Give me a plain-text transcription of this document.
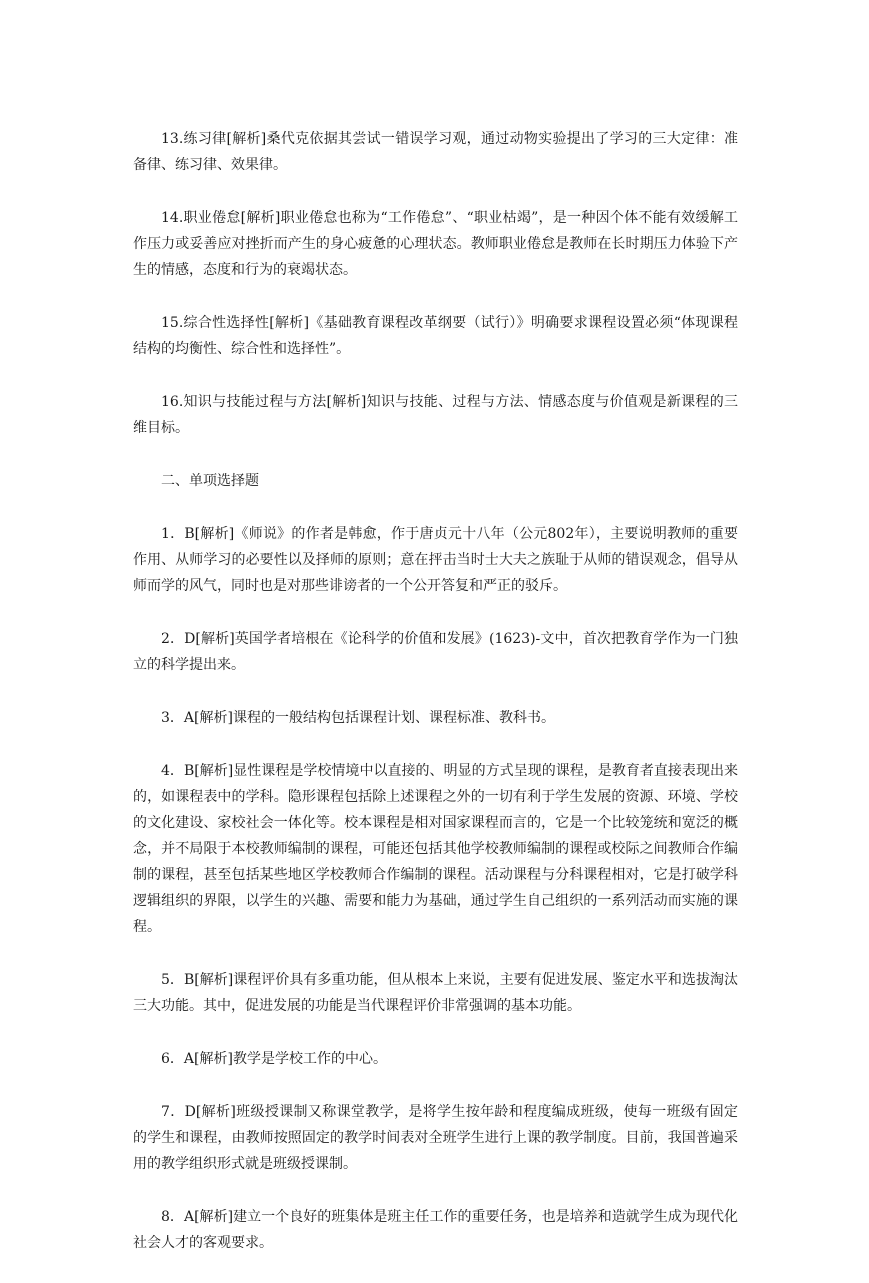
13.练习律[解析]桑代克依据其尝试一错误学习观，通过动物实验提出了学习的三大定律：准备律、练习律、效果律。

14.职业倦怠[解析]职业倦怠也称为“工作倦怠”、“职业枯竭”，是一种因个体不能有效缓解工作压力或妥善应对挫折而产生的身心疲惫的心理状态。教师职业倦怠是教师在长时期压力体验下产生的情感，态度和行为的衰竭状态。

15.综合性选择性[解析]《基础教育课程改革纲要（试行）》明确要求课程设置必须“体现课程结构的均衡性、综合性和选择性”。

16.知识与技能过程与方法[解析]知识与技能、过程与方法、情感态度与价值观是新课程的三维目标。

二、单项选择题

1．B[解析]《师说》的作者是韩愈，作于唐贞元十八年（公元802年），主要说明教师的重要作用、从师学习的必要性以及择师的原则；意在抨击当时士大夫之族耻于从师的错误观念，倡导从师而学的风气，同时也是对那些诽谤者的一个公开答复和严正的驳斥。

2．D[解析]英国学者培根在《论科学的价值和发展》(1623)-文中，首次把教育学作为一门独立的科学提出来。

3．A[解析]课程的一般结构包括课程计划、课程标准、教科书。

4．B[解析]显性课程是学校情境中以直接的、明显的方式呈现的课程，是教育者直接表现出来的，如课程表中的学科。隐形课程包括除上述课程之外的一切有利于学生发展的资源、环境、学校的文化建设、家校社会一体化等。校本课程是相对国家课程而言的，它是一个比较笼统和宽泛的概念，并不局限于本校教师编制的课程，可能还包括其他学校教师编制的课程或校际之间教师合作编制的课程，甚至包括某些地区学校教师合作编制的课程。活动课程与分科课程相对，它是打破学科逻辑组织的界限，以学生的兴趣、需要和能力为基础，通过学生自己组织的一系列活动而实施的课程。

5．B[解析]课程评价具有多重功能，但从根本上来说，主要有促进发展、鉴定水平和选拔淘汰三大功能。其中，促进发展的功能是当代课程评价非常强调的基本功能。

6．A[解析]教学是学校工作的中心。

7．D[解析]班级授课制又称课堂教学，是将学生按年龄和程度编成班级，使每一班级有固定的学生和课程，由教师按照固定的教学时间表对全班学生进行上课的教学制度。目前，我国普遍采用的教学组织形式就是班级授课制。

8．A[解析]建立一个良好的班集体是班主任工作的重要任务，也是培养和造就学生成为现代化社会人才的客观要求。
